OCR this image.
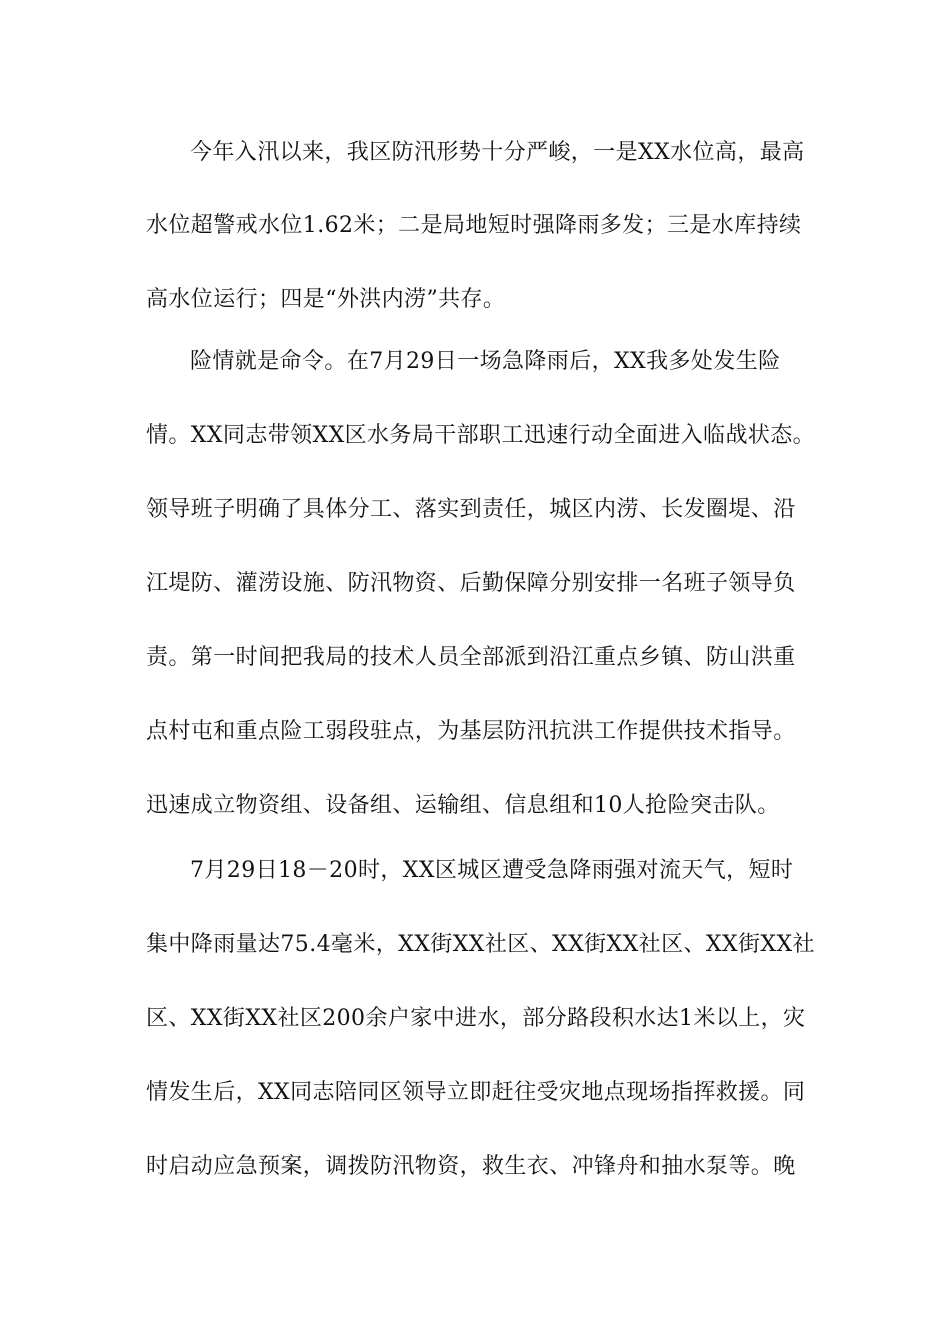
今年入汛以来，我区防汛形势十分严峻，一是XX水位高，最高
水位超警戒水位1.62米；二是局地短时强降雨多发；三是水库持续
高水位运行；四是“外洪内涝”共存。
险情就是命令。在7月29日一场急降雨后，XX我多处发生险
情。XX同志带领XX区水务局干部职工迅速行动全面进入临战状态。
领导班子明确了具体分工、落实到责任，城区内涝、长发圈堤、沿
江堤防、灌涝设施、防汛物资、后勤保障分别安排一名班子领导负
责。第一时间把我局的技术人员全部派到沿江重点乡镇、防山洪重
点村屯和重点险工弱段驻点，为基层防汛抗洪工作提供技术指导。
迅速成立物资组、设备组、运输组、信息组和10人抢险突击队。
7月29日18－20时，XX区城区遭受急降雨强对流天气，短时
集中降雨量达75.4毫米，XX街XX社区、XX街XX社区、XX街XX社
区、XX街XX社区200余户家中进水，部分路段积水达1米以上，灾
情发生后，XX同志陪同区领导立即赶往受灾地点现场指挥救援。同
时启动应急预案，调拨防汛物资，救生衣、冲锋舟和抽水泵等。晚
